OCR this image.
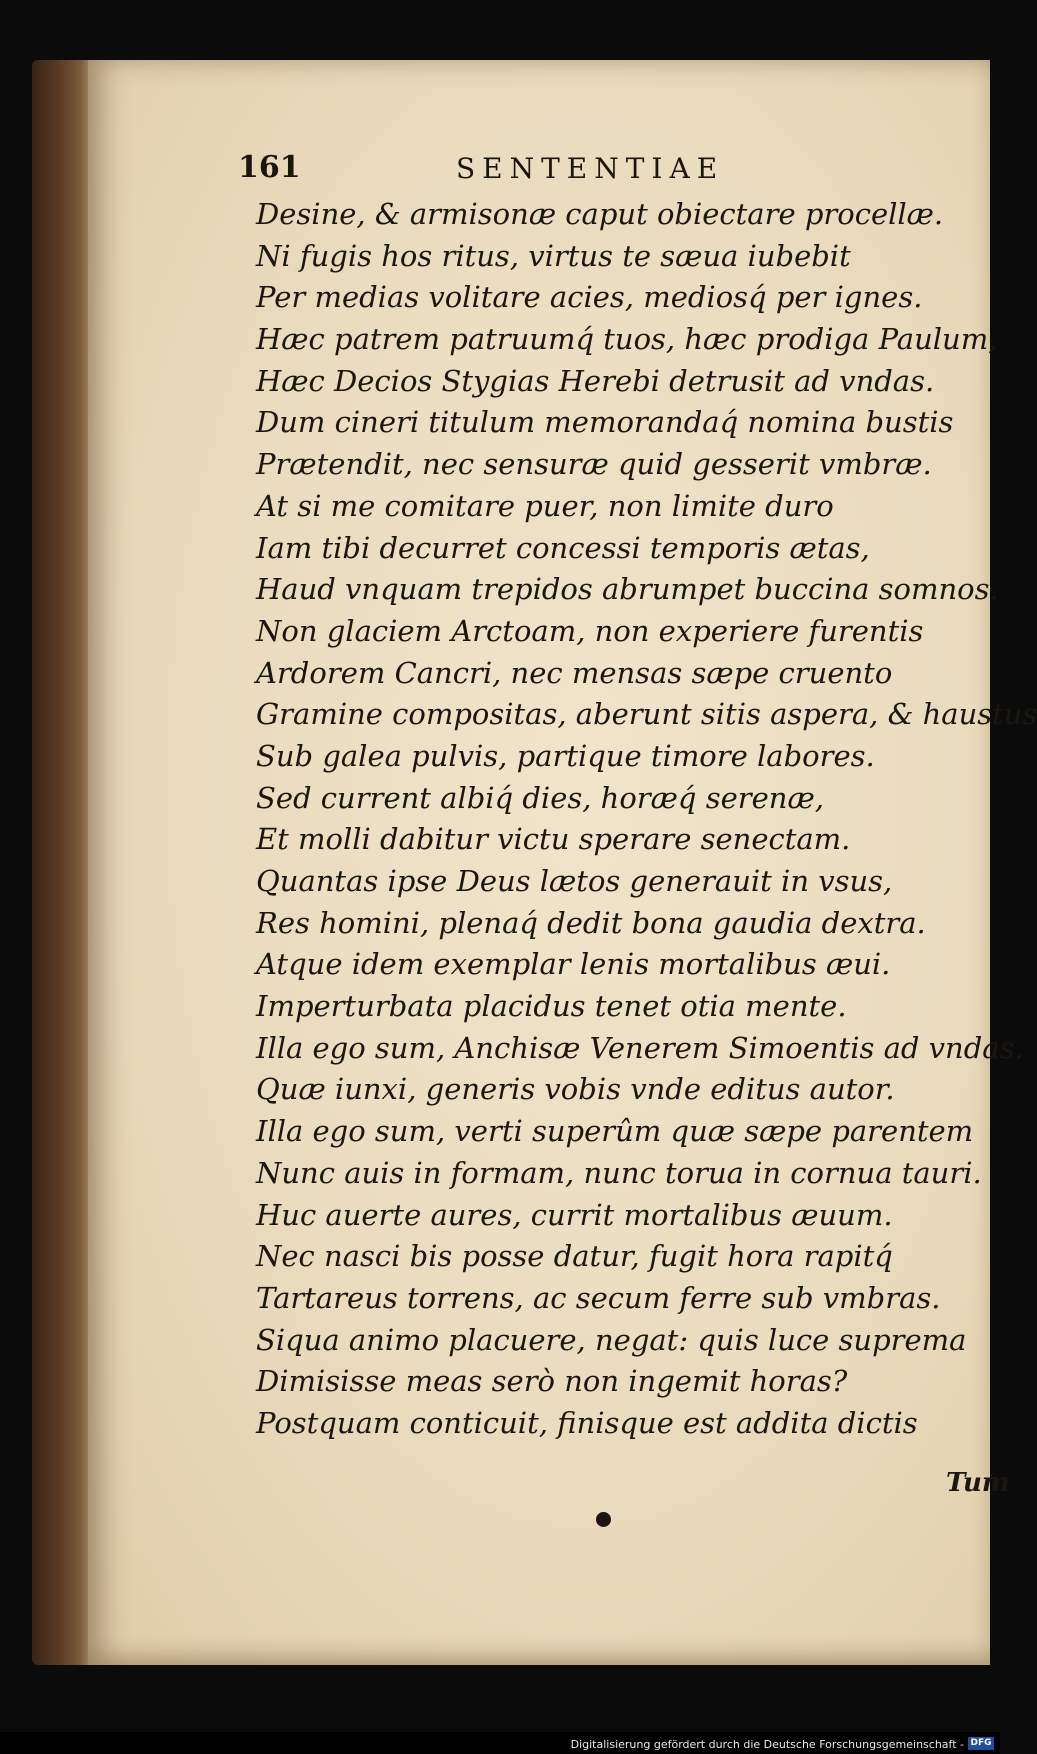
161	SENTENTIAE
Desine, & armisonæ caput obiectare procellæ.
Ni fugis hos ritus, virtus te sæua iubebit
Per medias volitare acies, mediosq́ per ignes.
Hæc patrem patruumq́ tuos, hæc prodiga Paulum,
Hæc Decios Stygias Herebi detrusit ad vndas.
Dum cineri titulum memorandaq́ nomina bustis
Prætendit, nec sensuræ quid gesserit vmbræ.
At si me comitare puer, non limite duro
Iam tibi decurret concessi temporis ætas,
Haud vnquam trepidos abrumpet buccina somnos.
Non glaciem Arctoam, non experiere furentis
Ardorem Cancri, nec mensas sæpe cruento
Gramine compositas, aberunt sitis aspera, & haustus
Sub galea pulvis, partique timore labores.
Sed current albiq́ dies, horæq́ serenæ,
Et molli dabitur victu sperare senectam.
Quantas ipse Deus lætos generauit in vsus,
Res homini, plenaq́ dedit bona gaudia dextra.
Atque idem exemplar lenis mortalibus æui.
Imperturbata placidus tenet otia mente.
Illa ego sum, Anchisæ Venerem Simoentis ad vndas.
Quæ iunxi, generis vobis vnde editus autor.
Illa ego sum, verti superûm quæ sæpe parentem
Nunc auis in formam, nunc torua in cornua tauri.
Huc auerte aures, currit mortalibus æuum.
Nec nasci bis posse datur, fugit hora rapitq́
Tartareus torrens, ac secum ferre sub vmbras.
Siqua animo placuere, negat: quis luce suprema
Dimisisse meas serò non ingemit horas?
Postquam conticuit, finisque est addita dictis
Tum
Digitalisierung gefördert durch die Deutsche Forschungsgemeinschaft - DFG
